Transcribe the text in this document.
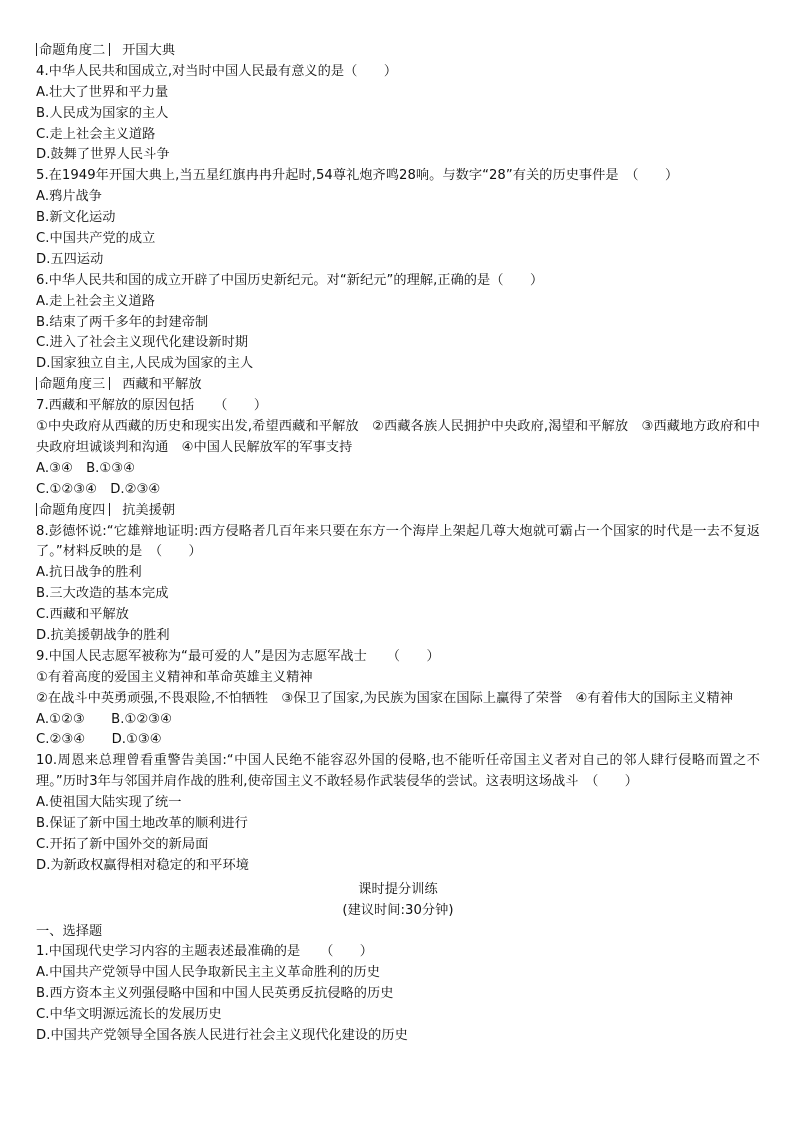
命题角度二 开国大典
4.中华人民共和国成立,对当时中国人民最有意义的是（　　）
A.壮大了世界和平力量
B.人民成为国家的主人
C.走上社会主义道路
D.鼓舞了世界人民斗争
5.在1949年开国大典上,当五星红旗冉冉升起时,54尊礼炮齐鸣28响。与数字“28”有关的历史事件是　（　　）
A.鸦片战争
B.新文化运动
C.中国共产党的成立
D.五四运动
6.中华人民共和国的成立开辟了中国历史新纪元。对“新纪元”的理解,正确的是（　　）
A.走上社会主义道路
B.结束了两千多年的封建帝制
C.进入了社会主义现代化建设新时期
D.国家独立自主,人民成为国家的主人
命题角度三 西藏和平解放
7.西藏和平解放的原因包括　　（　　）
①中央政府从西藏的历史和现实出发,希望西藏和平解放　②西藏各族人民拥护中央政府,渴望和平解放　③西藏地方政府和中央政府坦诚谈判和沟通　④中国人民解放军的军事支持
A.③④　B.①③④
C.①②③④　D.②③④
命题角度四 抗美援朝
8.彭德怀说:“它雄辩地证明:西方侵略者几百年来只要在东方一个海岸上架起几尊大炮就可霸占一个国家的时代是一去不复返了。”材料反映的是　（　　）
A.抗日战争的胜利
B.三大改造的基本完成
C.西藏和平解放
D.抗美援朝战争的胜利
9.中国人民志愿军被称为“最可爱的人”是因为志愿军战士　　（　　）
①有着高度的爱国主义精神和革命英雄主义精神
②在战斗中英勇顽强,不畏艰险,不怕牺牲　③保卫了国家,为民族为国家在国际上赢得了荣誉　④有着伟大的国际主义精神
A.①②③　　B.①②③④
C.②③④　　D.①③④
10.周恩来总理曾看重警告美国:“中国人民绝不能容忍外国的侵略,也不能听任帝国主义者对自己的邻人肆行侵略而置之不理。”历时3年与邻国并肩作战的胜利,使帝国主义不敢轻易作武装侵华的尝试。这表明这场战斗　（　　）
A.使祖国大陆实现了统一
B.保证了新中国土地改革的顺利进行
C.开拓了新中国外交的新局面
D.为新政权赢得相对稳定的和平环境
课时提分训练
(建议时间:30分钟)
一、选择题
1.中国现代史学习内容的主题表述最准确的是　　（　　）
A.中国共产党领导中国人民争取新民主主义革命胜利的历史
B.西方资本主义列强侵略中国和中国人民英勇反抗侵略的历史
C.中华文明源远流长的发展历史
D.中国共产党领导全国各族人民进行社会主义现代化建设的历史
